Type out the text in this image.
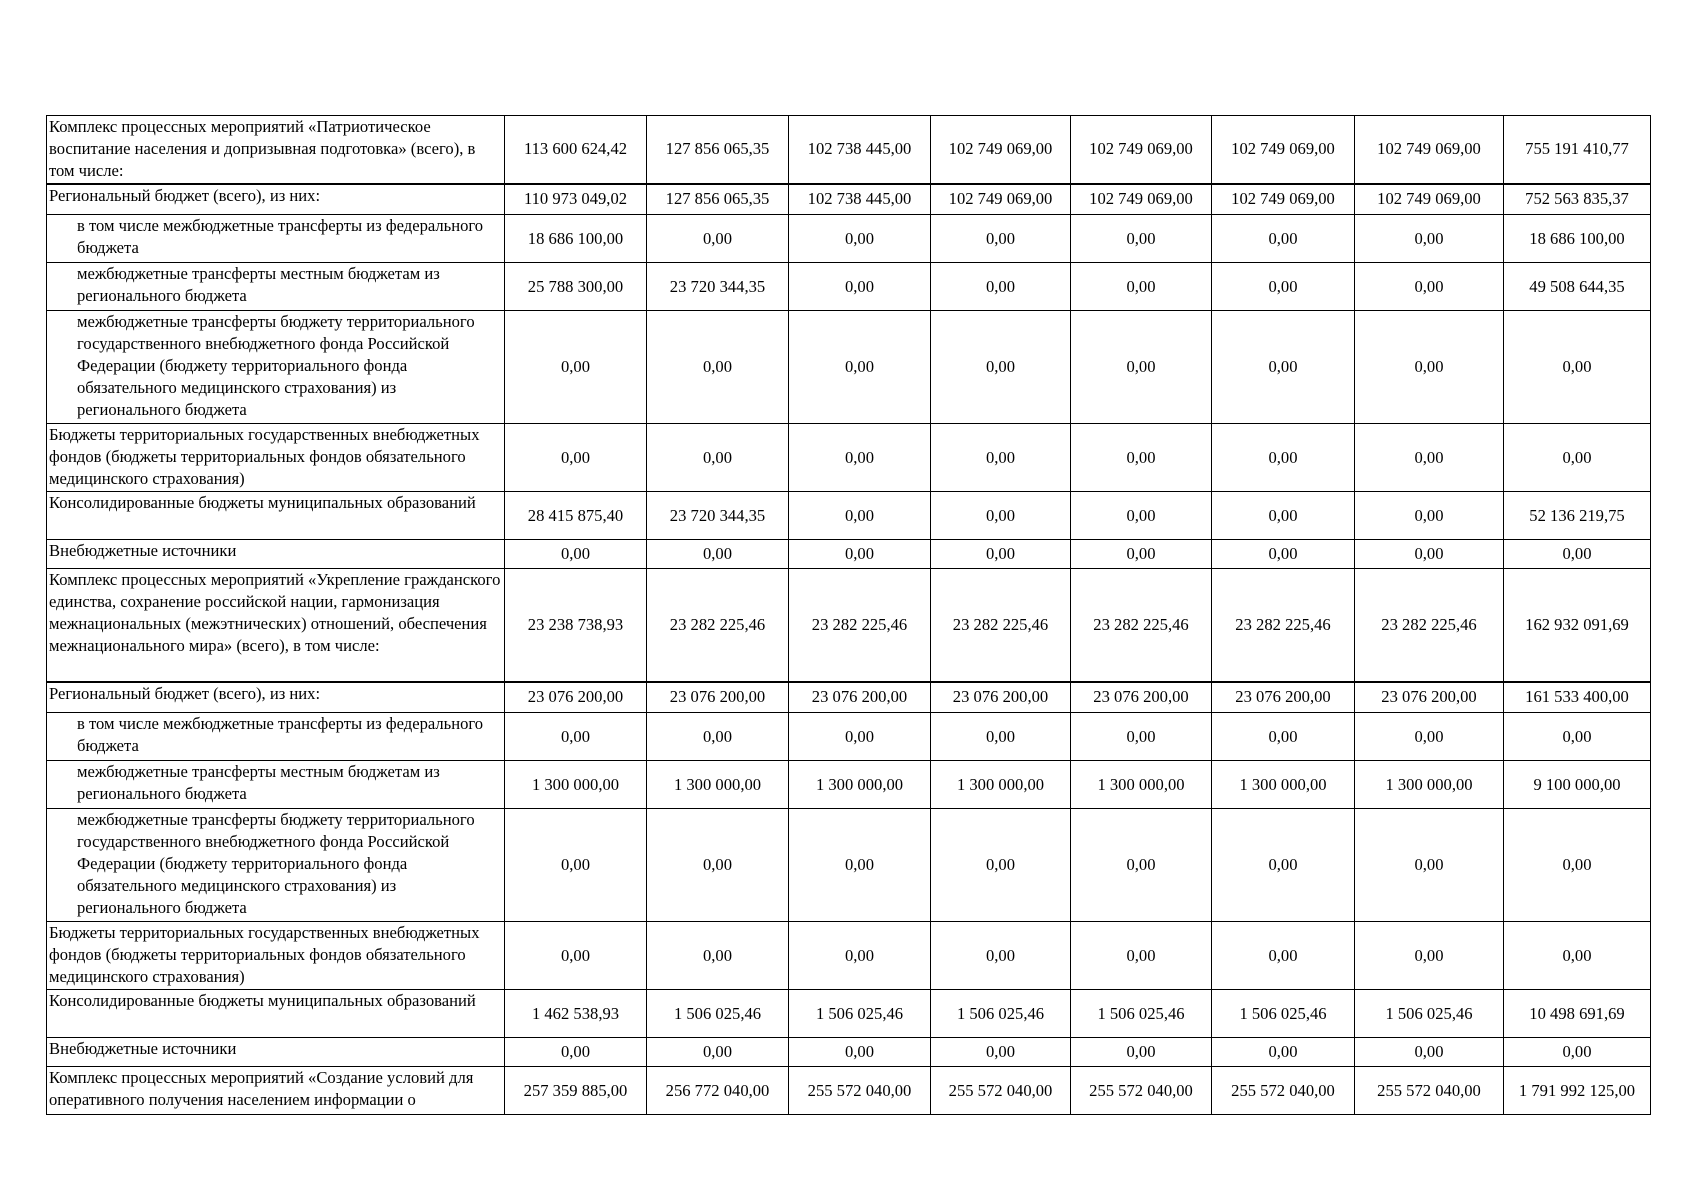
Комплекс процессных мероприятий «Патриотическое воспитание населения и допризывная подготовка» (всего), в том числе:	113 600 624,42	127 856 065,35	102 738 445,00	102 749 069,00	102 749 069,00	102 749 069,00	102 749 069,00	755 191 410,77
Региональный бюджет (всего), из них:	110 973 049,02	127 856 065,35	102 738 445,00	102 749 069,00	102 749 069,00	102 749 069,00	102 749 069,00	752 563 835,37
в том числе межбюджетные трансферты из федерального бюджета	18 686 100,00	0,00	0,00	0,00	0,00	0,00	0,00	18 686 100,00
межбюджетные трансферты местным бюджетам из регионального бюджета	25 788 300,00	23 720 344,35	0,00	0,00	0,00	0,00	0,00	49 508 644,35
межбюджетные трансферты бюджету территориального государственного внебюджетного фонда Российской Федерации (бюджету территориального фонда обязательного медицинского страхования) из регионального бюджета	0,00	0,00	0,00	0,00	0,00	0,00	0,00	0,00
Бюджеты территориальных государственных внебюджетных фондов (бюджеты территориальных фондов обязательного медицинского страхования)	0,00	0,00	0,00	0,00	0,00	0,00	0,00	0,00
Консолидированные бюджеты муниципальных образований	28 415 875,40	23 720 344,35	0,00	0,00	0,00	0,00	0,00	52 136 219,75
Внебюджетные источники	0,00	0,00	0,00	0,00	0,00	0,00	0,00	0,00
Комплекс процессных мероприятий «Укрепление гражданского единства, сохранение российской нации, гармонизация межнациональных (межэтнических) отношений, обеспечения межнационального мира» (всего), в том числе:	23 238 738,93	23 282 225,46	23 282 225,46	23 282 225,46	23 282 225,46	23 282 225,46	23 282 225,46	162 932 091,69
Региональный бюджет (всего), из них:	23 076 200,00	23 076 200,00	23 076 200,00	23 076 200,00	23 076 200,00	23 076 200,00	23 076 200,00	161 533 400,00
в том числе межбюджетные трансферты из федерального бюджета	0,00	0,00	0,00	0,00	0,00	0,00	0,00	0,00
межбюджетные трансферты местным бюджетам из регионального бюджета	1 300 000,00	1 300 000,00	1 300 000,00	1 300 000,00	1 300 000,00	1 300 000,00	1 300 000,00	9 100 000,00
межбюджетные трансферты бюджету территориального государственного внебюджетного фонда Российской Федерации (бюджету территориального фонда обязательного медицинского страхования) из регионального бюджета	0,00	0,00	0,00	0,00	0,00	0,00	0,00	0,00
Бюджеты территориальных государственных внебюджетных фондов (бюджеты территориальных фондов обязательного медицинского страхования)	0,00	0,00	0,00	0,00	0,00	0,00	0,00	0,00
Консолидированные бюджеты муниципальных образований	1 462 538,93	1 506 025,46	1 506 025,46	1 506 025,46	1 506 025,46	1 506 025,46	1 506 025,46	10 498 691,69
Внебюджетные источники	0,00	0,00	0,00	0,00	0,00	0,00	0,00	0,00
Комплекс процессных мероприятий «Создание условий для оперативного получения населением информации о	257 359 885,00	256 772 040,00	255 572 040,00	255 572 040,00	255 572 040,00	255 572 040,00	255 572 040,00	1 791 992 125,00
